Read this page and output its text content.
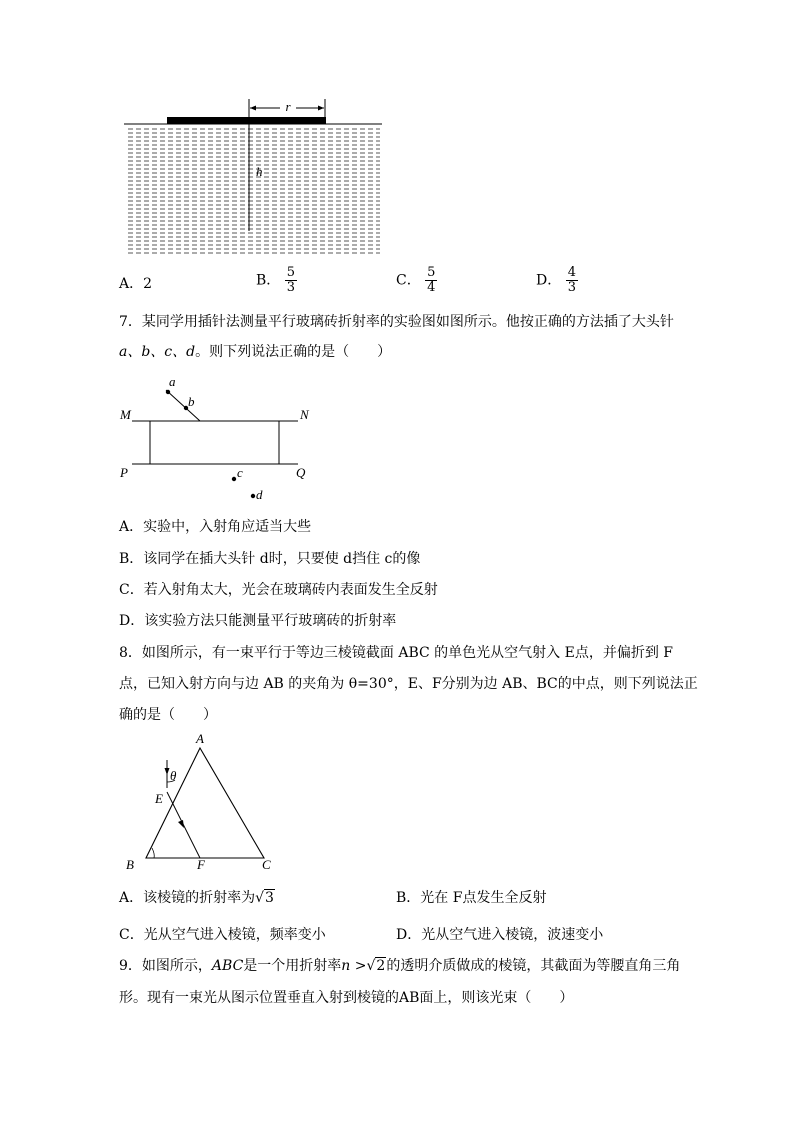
r
h
A．2	B． $\frac{5}{3}$	C． $\frac{5}{4}$	D． $\frac{4}{3}$
7．某同学用插针法测量平行玻璃砖折射率的实验图如图所示。他按正确的方法插了大头针
a、b、c、d。则下列说法正确的是（　　）
a
b
c
d
M	N
P	Q
A．实验中，入射角应适当大些
B．该同学在插大头针 d时，只要使 d挡住 c的像
C．若入射角太大，光会在玻璃砖内表面发生全反射
D．该实验方法只能测量平行玻璃砖的折射率
8．如图所示，有一束平行于等边三棱镜截面 ABC 的单色光从空气射入 E点，并偏折到 F
点，已知入射方向与边 AB 的夹角为 θ=30°，E、F分别为边 AB、BC的中点，则下列说法正
确的是（　　）
A
B	C
E
F
θ
A．该棱镜的折射率为√3	B．光在 F点发生全反射
C．光从空气进入棱镜，频率变小	D．光从空气进入棱镜，波速变小
9．如图所示，ABC是一个用折射率n >√2的透明介质做成的棱镜，其截面为等腰直角三角
形。现有一束光从图示位置垂直入射到棱镜的AB面上，则该光束（　　）
